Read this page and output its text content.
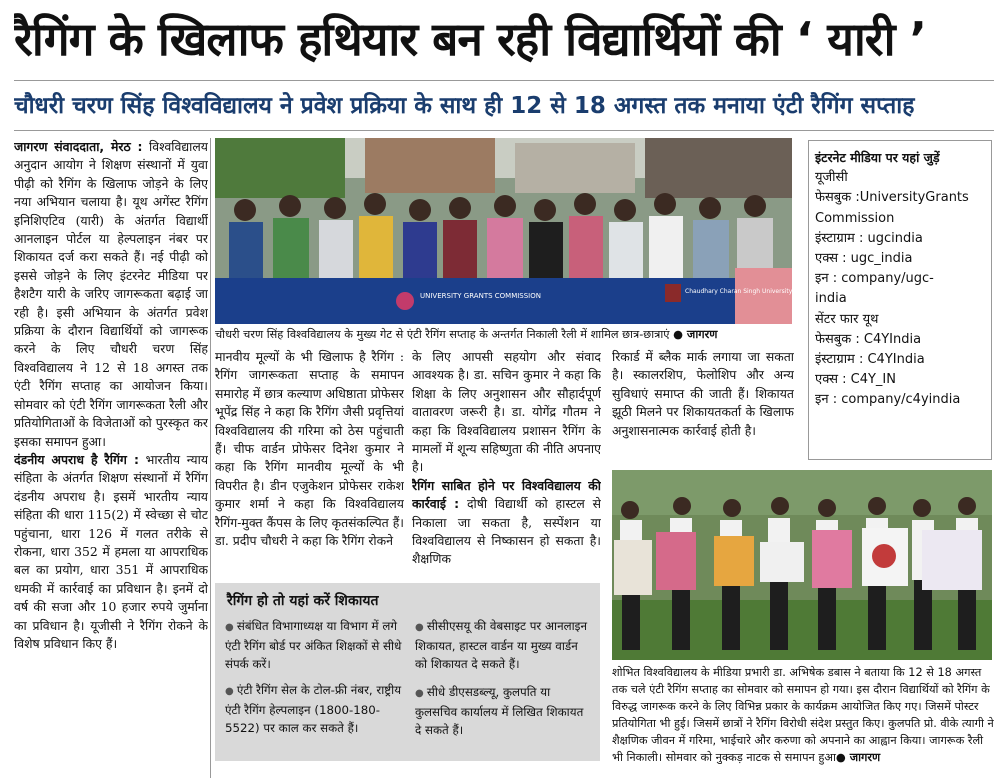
रैगिंग के खिलाफ हथियार बन रही विद्यार्थियों की ‘ यारी ’
चौधरी चरण सिंह विश्वविद्यालय ने प्रवेश प्रक्रिया के साथ ही 12 से 18 अगस्त तक मनाया एंटी रैगिंग सप्ताह

जागरण संवाददाता, मेरठ : विश्वविद्यालय अनुदान आयोग ने शिक्षण संस्थानों में युवा पीढ़ी को रैगिंग के खिलाफ जोड़ने के लिए नया अभियान चलाया है। यूथ अगेंस्ट रैगिंग इनिशिएटिव (यारी) के अंतर्गत विद्यार्थी आनलाइन पोर्टल या हेल्पलाइन नंबर पर शिकायत दर्ज करा सकते हैं। नई पीढ़ी को इससे जोड़ने के लिए इंटरनेट मीडिया पर हैशटैग यारी के जरिए जागरूकता बढ़ाई जा रही है। इसी अभियान के अंतर्गत प्रवेश प्रक्रिया के दौरान विद्यार्थियों को जागरूक करने के लिए चौधरी चरण सिंह विश्वविद्यालय ने 12 से 18 अगस्त तक एंटी रैगिंग सप्ताह का आयोजन किया। सोमवार को एंटी रैगिंग जागरूकता रैली और प्रतियोगिताओं के विजेताओं को पुरस्कृत कर इसका समापन हुआ।

दंडनीय अपराध है रैगिंग : भारतीय न्याय संहिता के अंतर्गत शिक्षण संस्थानों में रैगिंग दंडनीय अपराध है। इसमें भारतीय न्याय संहिता की धारा 115(2) में स्वेच्छा से चोट पहुंचाना, धारा 126 में गलत तरीके से रोकना, धारा 352 में हमला या आपराधिक बल का प्रयोग, धारा 351 में आपराधिक धमकी में कार्रवाई का प्रविधान है। इनमें दो वर्ष की सजा और 10 हजार रुपये जुर्माना का प्रविधान है। यूजीसी ने रैगिंग रोकने के विशेष प्रविधान किए हैं।

UNIVERSITY GRANTS COMMISSION
Chaudhary Charan Singh University
चौधरी चरण सिंह विश्वविद्यालय के मुख्य गेट से एंटी रैगिंग सप्ताह के अन्तर्गत निकाली रैली में शामिल छात्र-छात्राएं ● जागरण

मानवीय मूल्यों के भी खिलाफ है रैगिंग : रैगिंग जागरूकता सप्ताह के समापन समारोह में छात्र कल्याण अधिष्ठाता प्रोफेसर भूपेंद्र सिंह ने कहा कि रैगिंग जैसी प्रवृत्तियां विश्वविद्यालय की गरिमा को ठेस पहुंचाती हैं। चीफ वार्डन प्रोफेसर दिनेश कुमार ने कहा कि रैगिंग मानवीय मूल्यों के भी विपरीत है। डीन एजुकेशन प्रोफेसर राकेश कुमार शर्मा ने कहा कि विश्वविद्यालय रैगिंग-मुक्त कैंपस के लिए कृतसंकल्पित हैं। डा. प्रदीप चौधरी ने कहा कि रैगिंग रोकने

के लिए आपसी सहयोग और संवाद आवश्यक है। डा. सचिन कुमार ने कहा कि शिक्षा के लिए अनुशासन और सौहार्दपूर्ण वातावरण जरूरी है। डा. योगेंद्र गौतम ने कहा कि विश्वविद्यालय प्रशासन रैगिंग के मामलों में शून्य सहिष्णुता की नीति अपनाए है।

रैगिंग साबित होने पर विश्वविद्यालय की कार्रवाई : दोषी विद्यार्थी को हास्टल से निकाला जा सकता है, सस्पेंशन या विश्वविद्यालय से निष्कासन हो सकता है। शैक्षणिक

रिकार्ड में ब्लैक मार्क लगाया जा सकता है। स्कालरशिप, फेलोशिप और अन्य सुविधाएं समाप्त की जाती हैं। शिकायत झूठी मिलने पर शिकायतकर्ता के खिलाफ अनुशासनात्मक कार्रवाई होती है।

इंटरनेट मीडिया पर यहां जुड़ें
यूजीसी
फेसबुक :UniversityGrants
Commission
इंस्टाग्राम : ugcindia
एक्स : ugc_india
इन : company/ugc-
india
सेंटर फार यूथ
फेसबुक : C4YIndia
इंस्टाग्राम : C4YIndia
एक्स : C4Y_IN
इन : company/c4yindia
रैगिंग हो तो यहां करें शिकायत
● संबंधित विभागाध्यक्ष या विभाग में लगे एंटी रैगिंग बोर्ड पर अंकित शिक्षकों से सीधे संपर्क करें।
● एंटी रैगिंग सेल के टोल-फ्री नंबर, राष्ट्रीय एंटी रैगिंग हेल्पलाइन (1800-180-5522) पर काल कर सकते हैं।
● सीसीएसयू की वेबसाइट पर आनलाइन शिकायत, हास्टल वार्डन या मुख्य वार्डन को शिकायत दे सकते हैं।
● सीधे डीएसडब्ल्यू, कुलपति या कुलसचिव कार्यालय में लिखित शिकायत दे सकते हैं।
शोभित विश्वविद्यालय के मीडिया प्रभारी डा. अभिषेक डबास ने बताया कि 12 से 18 अगस्त तक चले एंटी रैगिंग सप्ताह का सोमवार को समापन हो गया। इस दौरान विद्यार्थियों को रैगिंग के विरुद्ध जागरूक करने के लिए विभिन्न प्रकार के कार्यक्रम आयोजित किए गए। जिसमें पोस्टर प्रतियोगिता भी हुई। जिसमें छात्रों ने रैगिंग विरोधी संदेश प्रस्तुत किए। कुलपति प्रो. वीके त्यागी ने शैक्षणिक जीवन में गरिमा, भाईचारे और करुणा को अपनाने का आह्वान किया। जागरूक रैली भी निकाली। सोमवार को नुक्कड़ नाटक से समापन हुआ● जागरण
